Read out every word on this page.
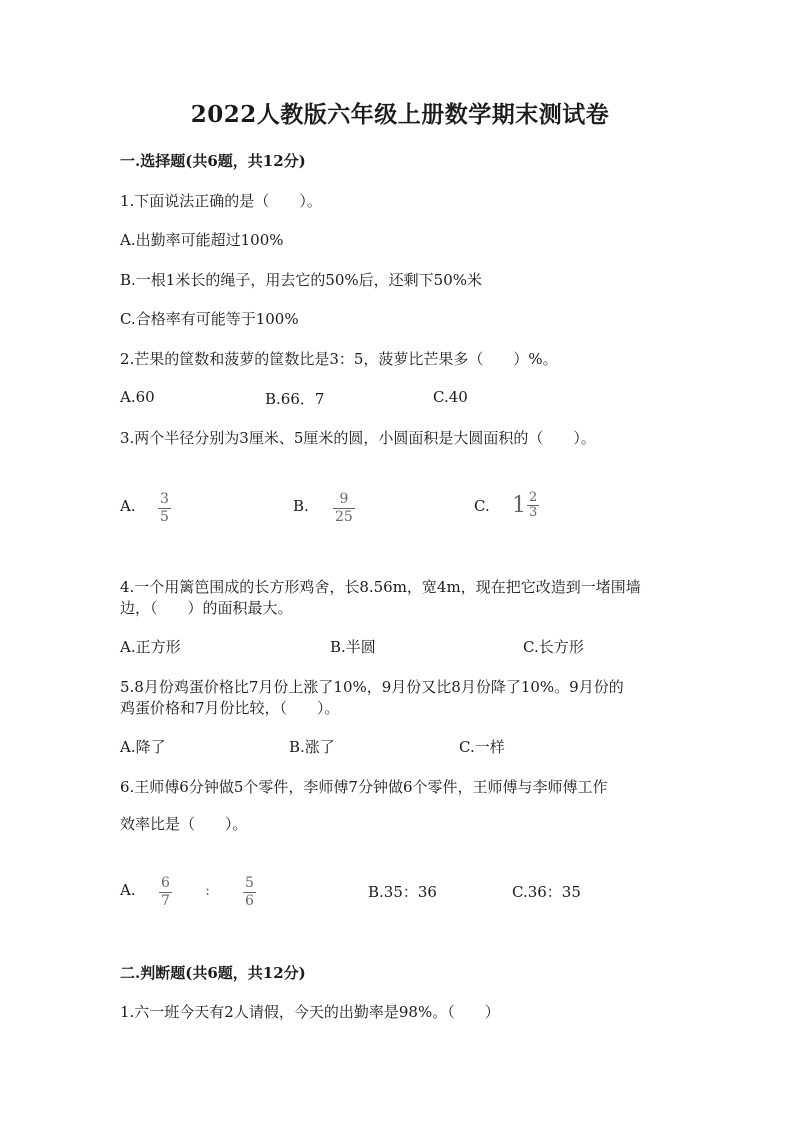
2022人教版六年级上册数学期末测试卷
一.选择题(共6题，共12分)
1.下面说法正确的是（　　）。
A.出勤率可能超过100%
B.一根1米长的绳子，用去它的50%后，还剩下50%米
C.合格率有可能等于100%
2.芒果的筐数和菠萝的筐数比是3：5，菠萝比芒果多（　　）%。
A.60	B.66．7	C.40
3.两个半径分别为3厘米、5厘米的圆，小圆面积是大圆面积的（　　）。
A. $\frac{3}{5}$	B. $\frac{9}{25}$	C. $1 \frac{2}{3}$
4.一个用篱笆围成的长方形鸡舍，长8.56m，宽4m，现在把它改造到一堵围墙
边，（　　）的面积最大。
A.正方形	B.半圆	C.长方形
5.8月份鸡蛋价格比7月份上涨了10%，9月份又比8月份降了10%。9月份的
鸡蛋价格和7月份比较，（　　）。
A.降了	B.涨了	C.一样
6.王师傅6分钟做5个零件，李师傅7分钟做6个零件，王师傅与李师傅工作
效率比是（　　）。
A. $\frac{6}{7}$ : $\frac{5}{6}$	B.35：36	C.36：35
二.判断题(共6题，共12分)
1.六一班今天有2人请假，今天的出勤率是98%。（　　）
